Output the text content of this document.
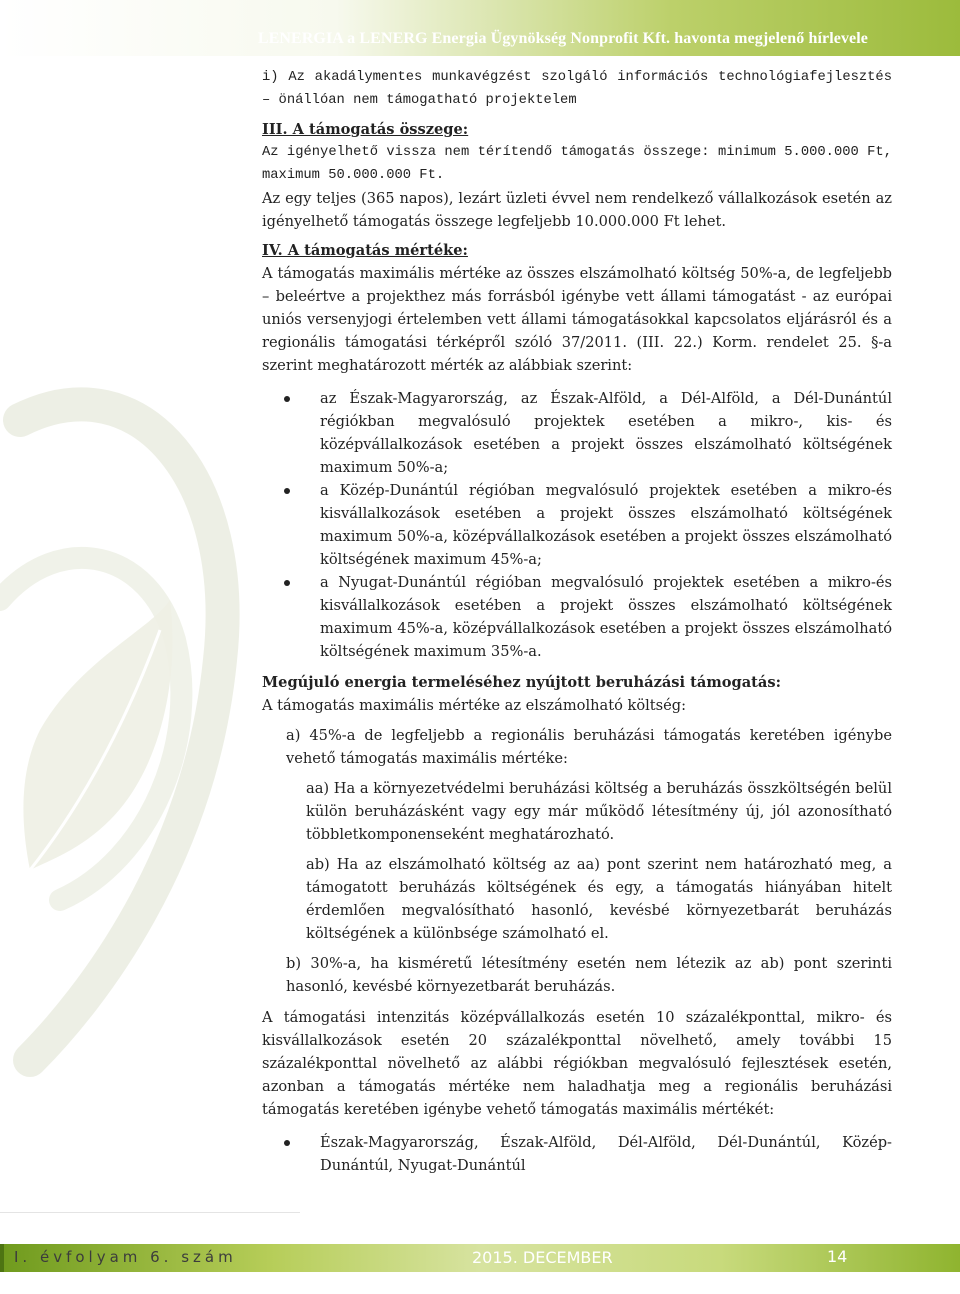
LENERGIA a LENERG Energia Ügynökség Nonprofit Kft. havonta megjelenő hírlevele

i) Az akadálymentes munkavégzést szolgáló információs technológiafejlesztés – önállóan nem támogatható projektelem

III. A támogatás összege:

Az igényelhető vissza nem térítendő támogatás összege: minimum 5.000.000 Ft, maximum 50.000.000 Ft.

Az egy teljes (365 napos), lezárt üzleti évvel nem rendelkező vállalkozások esetén az igényelhető támogatás összege legfeljebb 10.000.000 Ft lehet.

IV. A támogatás mértéke:

A támogatás maximális mértéke az összes elszámolható költség 50%-a, de legfeljebb – beleértve a projekthez más forrásból igénybe vett állami támogatást - az európai uniós versenyjogi értelemben vett állami támogatásokkal kapcsolatos eljárásról és a regionális támogatási térképről szóló 37/2011. (III. 22.) Korm. rendelet 25. §-a szerint meghatározott mérték az alábbiak szerint:

az Észak-Magyarország, az Észak-Alföld, a Dél-Alföld, a Dél-Dunántúl régiókban megvalósuló projektek esetében a mikro-, kis- és középvállalkozások esetében a projekt összes elszámolható költségének maximum 50%-a;
a Közép-Dunántúl régióban megvalósuló projektek esetében a mikro-és kisvállalkozások esetében a projekt összes elszámolható költségének maximum 50%-a, középvállalkozások esetében a projekt összes elszámolható költségének maximum 45%-a;
a Nyugat-Dunántúl régióban megvalósuló projektek esetében a mikro-és kisvállalkozások esetében a projekt összes elszámolható költségének maximum 45%-a, középvállalkozások esetében a projekt összes elszámolható költségének maximum 35%-a.

Megújuló energia termeléséhez nyújtott beruházási támogatás:

A támogatás maximális mértéke az elszámolható költség:

a) 45%-a de legfeljebb a regionális beruházási támogatás keretében igénybe vehető támogatás maximális mértéke:

aa) Ha a környezetvédelmi beruházási költség a beruházás összköltségén belül külön beruházásként vagy egy már működő létesítmény új, jól azonosítható többletkomponenseként meghatározható.

ab) Ha az elszámolható költség az aa) pont szerint nem határozható meg, a támogatott beruházás költségének és egy, a támogatás hiányában hitelt érdemlően megvalósítható hasonló, kevésbé környezetbarát beruházás költségének a különbsége számolható el.

b) 30%-a, ha kisméretű létesítmény esetén nem létezik az ab) pont szerinti hasonló, kevésbé környezetbarát beruházás.

A támogatási intenzitás középvállalkozás esetén 10 százalékponttal, mikro- és kisvállalkozások esetén 20 százalékponttal növelhető, amely további 15 százalékponttal növelhető az alábbi régiókban megvalósuló fejlesztések esetén, azonban a támogatás mértéke nem haladhatja meg a regionális beruházási támogatás keretében igénybe vehető támogatás maximális mértékét:

Észak-Magyarország, Észak-Alföld, Dél-Alföld, Dél-Dunántúl, Közép-Dunántúl, Nyugat-Dunántúl
I. évfolyam 6. szám	2015. DECEMBER	14
